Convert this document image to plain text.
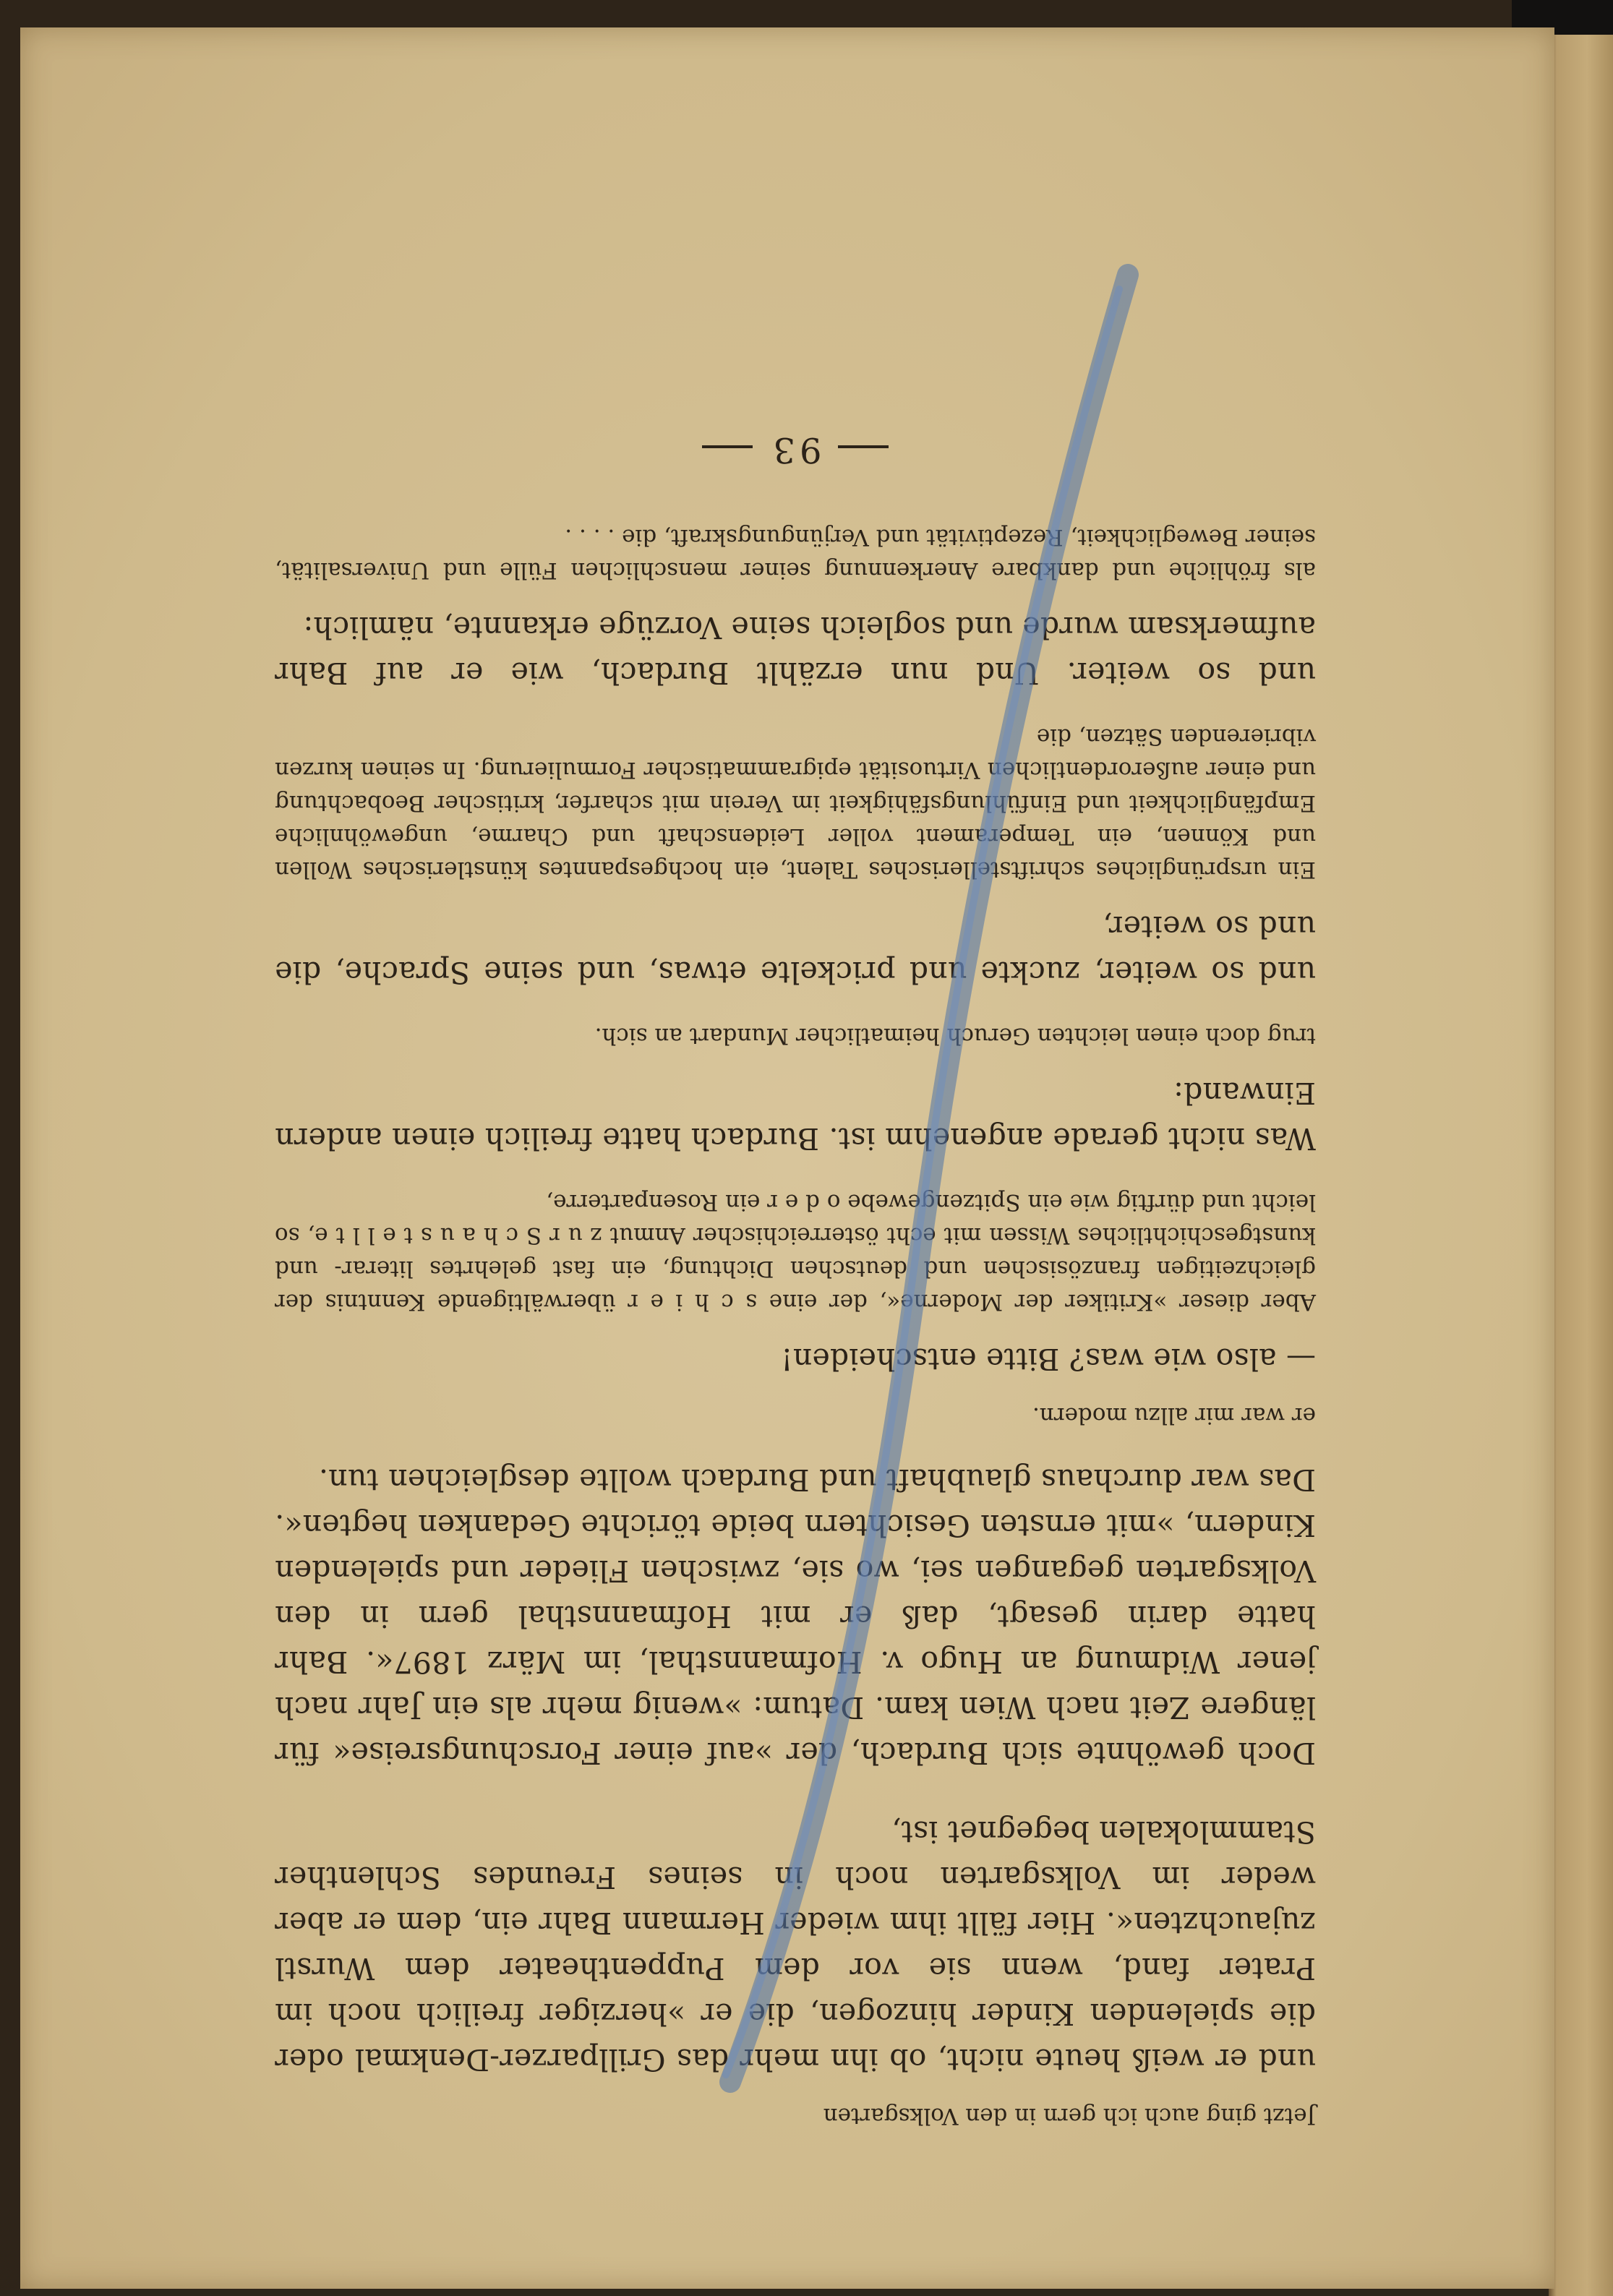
Jetzt ging auch ich gern in den Volksgarten

und er weiß heute nicht, ob ihn mehr das Grillparzer-Denkmal oder die spielenden Kinder hinzogen, die er »herziger freilich noch im Prater fand, wenn sie vor dem Puppentheater dem Wurstl zujauchzten«. Hier fällt ihm wieder Hermann Bahr ein, dem er aber weder im Volksgarten noch in seines Freundes Schlenther Stammlokalen begegnet ist,

Doch gewöhnte sich Burdach, der »auf einer Forschungsreise« für längere Zeit nach Wien kam. Datum: »wenig mehr als ein Jahr nach jener Widmung an Hugo v. Hofmannsthal, im März 1897«. Bahr hatte darin gesagt, daß er mit Hofmannsthal gern in den Volksgarten gegangen sei, wo sie, zwischen Flieder und spielenden Kindern, »mit ernsten Gesichtern beide törichte Gedanken hegten«. Das war durchaus glaubhaft und Burdach wollte desgleichen tun.

er war mir allzu modern.

— also wie was? Bitte entscheiden!

Aber dieser »Kritiker der Moderne«, der eine s c h i e r überwältigende Kenntnis der gleichzeitigen französischen und deutschen Dichtung, ein fast gelehrtes literar- und kunstgeschichtliches Wissen mit echt österreichischer Anmut z u r S c h a u s t e l l t e, so leicht und dürftig wie ein Spitzengewebe o d e r ein Rosenparterre,

Was nicht gerade angenehm ist. Burdach hatte freilich einen andern Einwand:

trug doch einen leichten Geruch heimatlicher Mundart an sich.

und so weiter, zuckte und prickelte etwas, und seine Sprache, die und so weiter,

Ein ursprüngliches schriftstellerisches Talent, ein hochgespanntes künstlerisches Wollen und Können, ein Temperament voller Leidenschaft und Charme, ungewöhnliche Empfänglichkeit und Einfühlungsfähigkeit im Verein mit scharfer, kritischer Beobachtung und einer außerordentlichen Virtuosität epigrammatischer Formulierung. In seinen kurzen vibrierenden Sätzen, die

und so weiter. Und nun erzählt Burdach, wie er auf Bahr aufmerksam wurde und sogleich seine Vorzüge erkannte, nämlich:

als fröhliche und dankbare Anerkennung seiner menschlichen Fülle und Universalität, seiner Beweglichkeit, Rezeptivität und Verjüngungskraft, die . . . .

93
